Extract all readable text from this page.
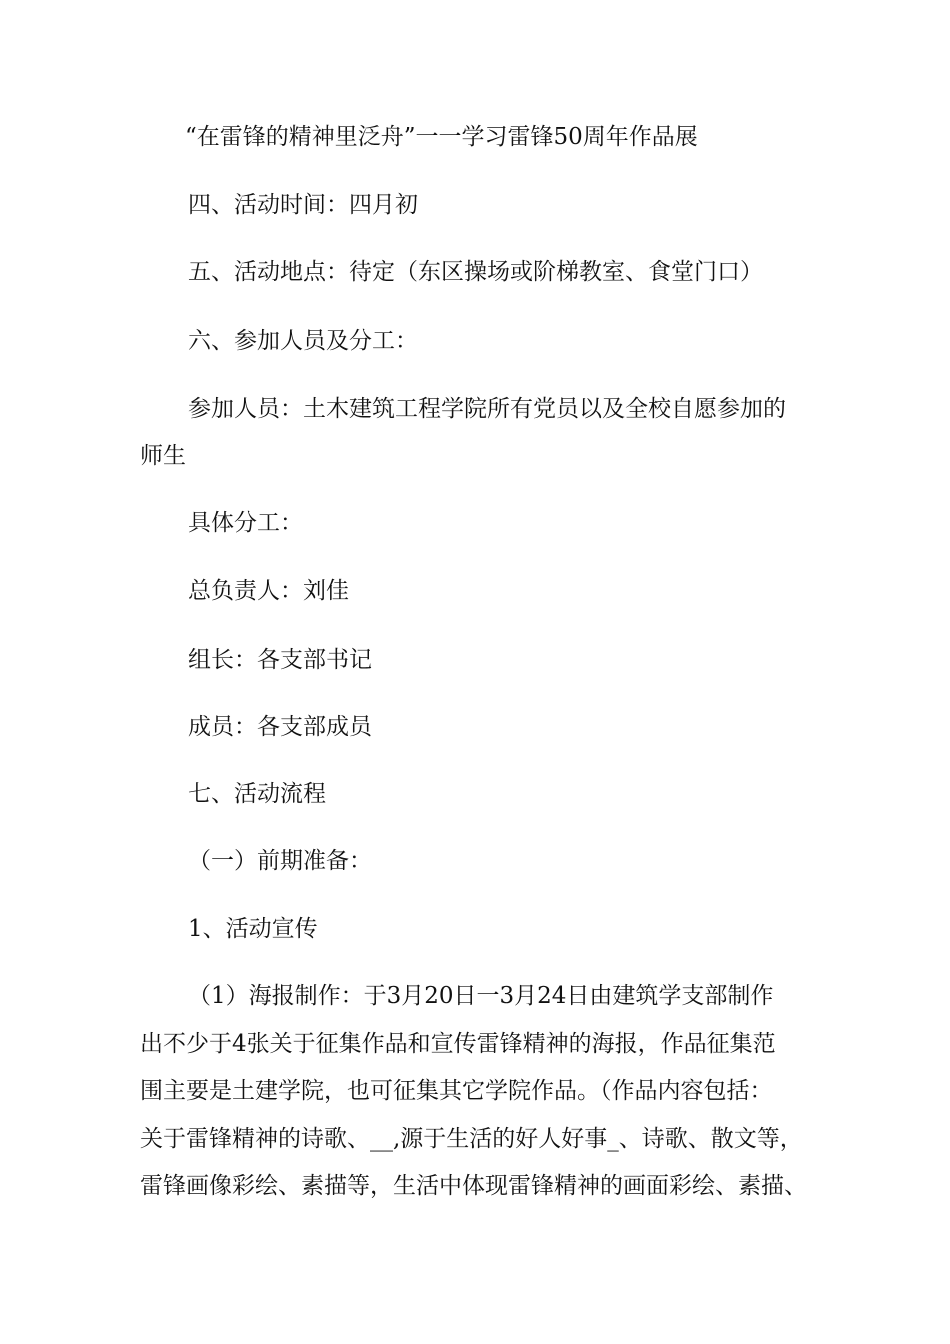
“在雷锋的精神里泛舟”一一学习雷锋50周年作品展
四、活动时间：四月初
五、活动地点：待定（东区操场或阶梯教室、食堂门口）
六、参加人员及分工：
参加人员：土木建筑工程学院所有党员以及全校自愿参加的
师生
具体分工：
总负责人：刘佳
组长：各支部书记
成员：各支部成员
七、活动流程
（一）前期准备：
1、活动宣传
（1）海报制作：于3月20日一3月24日由建筑学支部制作
出不少于4张关于征集作品和宣传雷锋精神的海报，作品征集范
围主要是土建学院，也可征集其它学院作品。（作品内容包括：
关于雷锋精神的诗歌、__,源于生活的好人好事_、诗歌、散文等，
雷锋画像彩绘、素描等，生活中体现雷锋精神的画面彩绘、素描、
